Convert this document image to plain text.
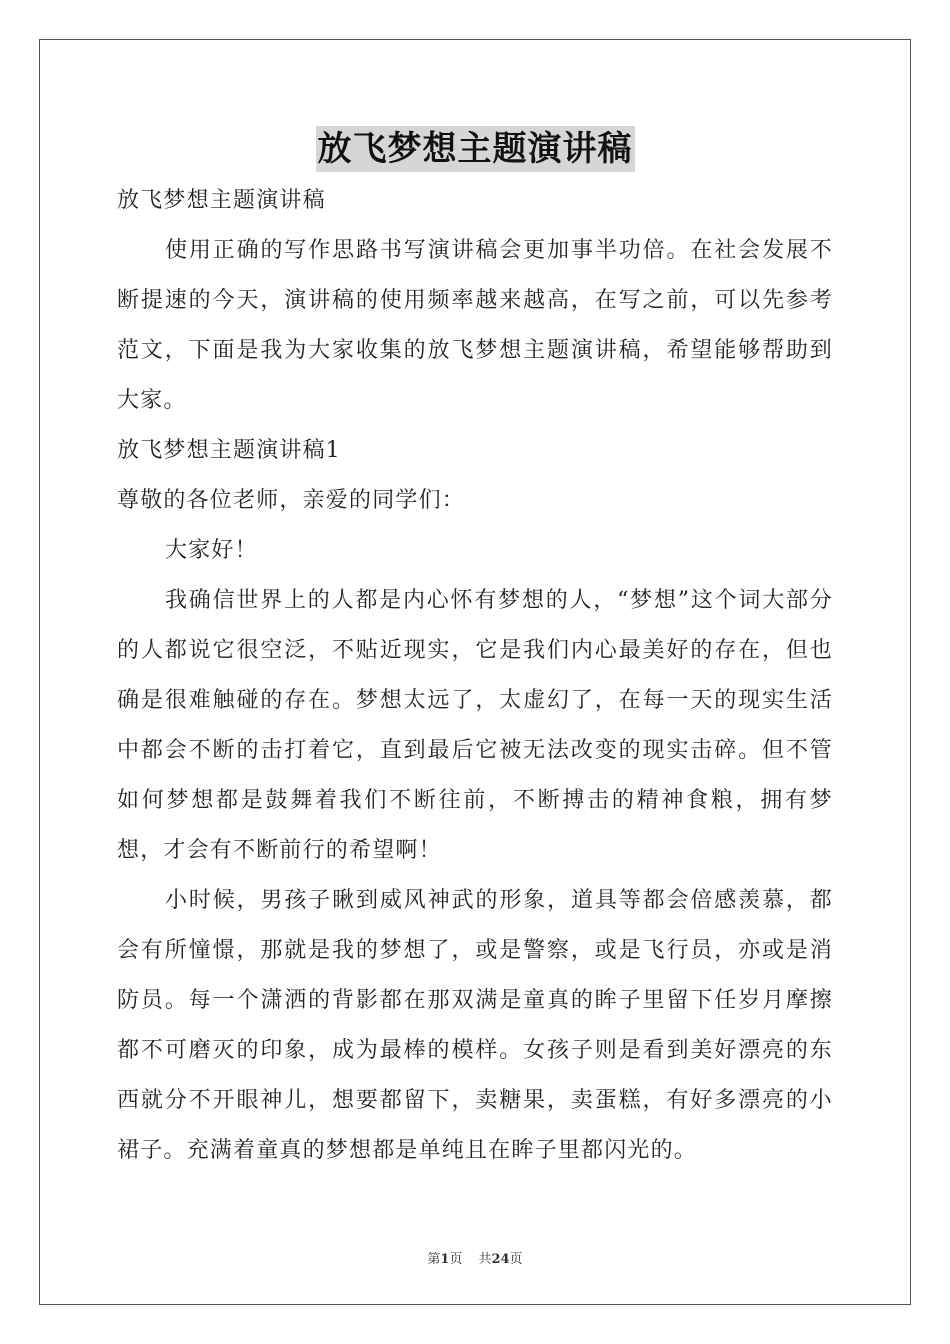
放飞梦想主题演讲稿

放飞梦想主题演讲稿

使用正确的写作思路书写演讲稿会更加事半功倍。在社会发展不断提速的今天，演讲稿的使用频率越来越高，在写之前，可以先参考范文，下面是我为大家收集的放飞梦想主题演讲稿，希望能够帮助到大家。

放飞梦想主题演讲稿1

尊敬的各位老师，亲爱的同学们：

大家好！

我确信世界上的人都是内心怀有梦想的人，“梦想”这个词大部分的人都说它很空泛，不贴近现实，它是我们内心最美好的存在，但也确是很难触碰的存在。梦想太远了，太虚幻了，在每一天的现实生活中都会不断的击打着它，直到最后它被无法改变的现实击碎。但不管如何梦想都是鼓舞着我们不断往前，不断搏击的精神食粮，拥有梦想，才会有不断前行的希望啊！

小时候，男孩子瞅到威风神武的形象，道具等都会倍感羡慕，都会有所憧憬，那就是我的梦想了，或是警察，或是飞行员，亦或是消防员。每一个潇洒的背影都在那双满是童真的眸子里留下任岁月摩擦都不可磨灭的印象，成为最棒的模样。女孩子则是看到美好漂亮的东西就分不开眼神儿，想要都留下，卖糖果，卖蛋糕，有好多漂亮的小裙子。充满着童真的梦想都是单纯且在眸子里都闪光的。

第1页 共24页
